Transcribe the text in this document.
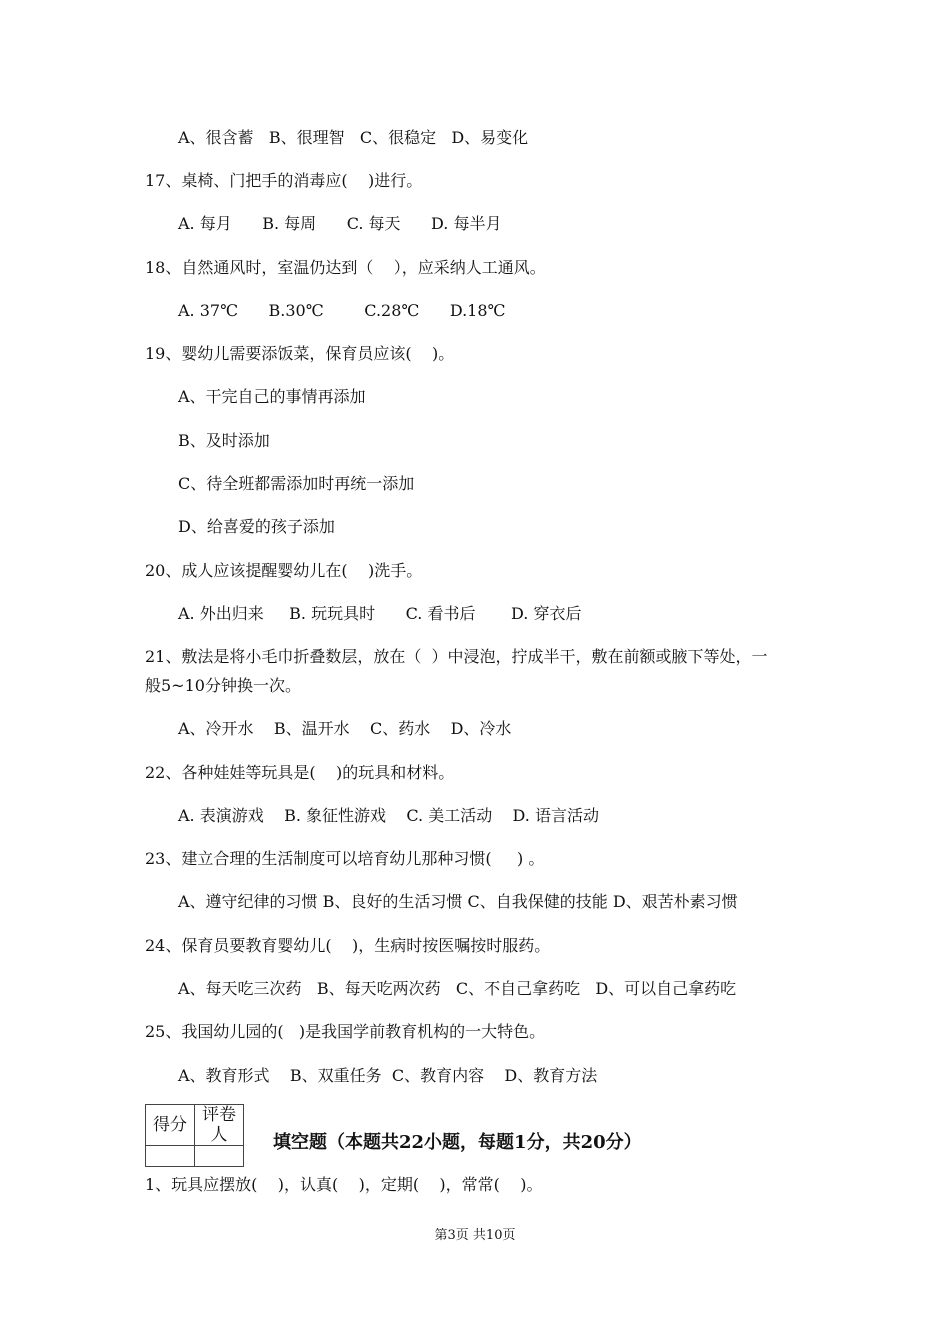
A、很含蓄   B、很理智   C、很稳定   D、易变化
17、桌椅、门把手的消毒应(    )进行。
A. 每月      B. 每周      C. 每天      D. 每半月
18、自然通风时，室温仍达到（    ），应采纳人工通风。
A. 37℃      B.30℃        C.28℃      D.18℃
19、婴幼儿需要添饭菜，保育员应该(    )。
A、干完自己的事情再添加
B、及时添加
C、待全班都需添加时再统一添加
D、给喜爱的孩子添加
20、成人应该提醒婴幼儿在(    )洗手。
A. 外出归来     B. 玩玩具时      C. 看书后       D. 穿衣后
21、敷法是将小毛巾折叠数层，放在（  ）中浸泡，拧成半干，敷在前额或腋下等处，一
般5~10分钟换一次。
A、冷开水    B、温开水    C、药水    D、冷水
22、各种娃娃等玩具是(    )的玩具和材料。
A. 表演游戏    B. 象征性游戏    C. 美工活动    D. 语言活动
23、建立合理的生活制度可以培育幼儿那种习惯(     ) 。
A、遵守纪律的习惯 B、良好的生活习惯 C、自我保健的技能 D、艰苦朴素习惯
24、保育员要教育婴幼儿(    )，生病时按医嘱按时服药。
A、每天吃三次药   B、每天吃两次药   C、不自己拿药吃   D、可以自己拿药吃
25、我国幼儿园的(   )是我国学前教育机构的一大特色。
A、教育形式    B、双重任务  C、教育内容    D、教育方法
1、玩具应摆放(    )，认真(    )，定期(    )，常常(    )。
得分	评卷人
		填空题（本题共22小题，每题1分，共20分）
第3页 共10页
